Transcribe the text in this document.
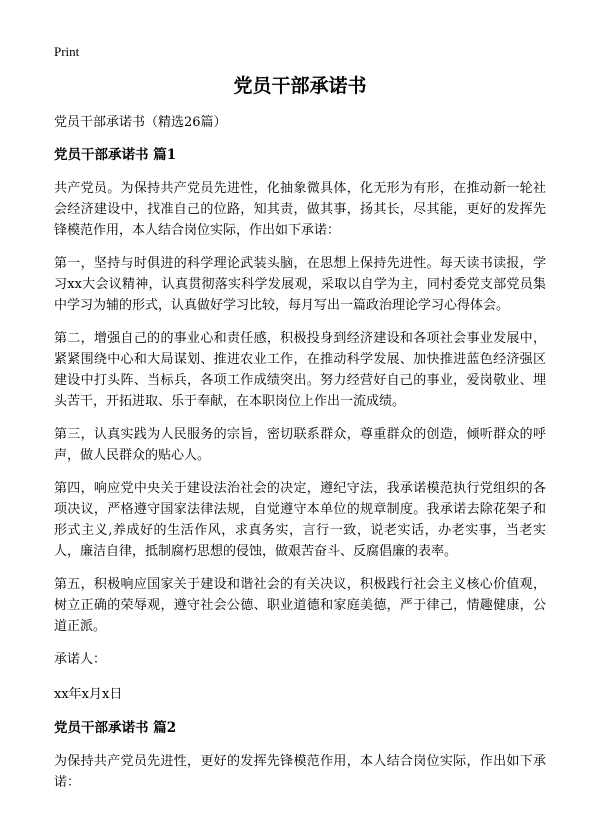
Print
党员干部承诺书
党员干部承诺书（精选26篇）
党员干部承诺书 篇1

共产党员。为保持共产党员先进性，化抽象微具体，化无形为有形，在推动新一轮社会经济建设中，找准自己的位路，知其责，做其事，扬其长，尽其能，更好的发挥先锋模范作用，本人结合岗位实际，作出如下承诺：

第一，坚持与时俱进的科学理论武装头脑，在思想上保持先进性。每天读书读报，学习xx大会议精神，认真贯彻落实科学发展观，采取以自学为主，同村委党支部党员集中学习为辅的形式，认真做好学习比较，每月写出一篇政治理论学习心得体会。

第二，增强自己的的事业心和责任感，积极投身到经济建设和各项社会事业发展中，紧紧围绕中心和大局谋划、推进农业工作，在推动科学发展、加快推进蓝色经济强区建设中打头阵、当标兵，各项工作成绩突出。努力经营好自己的事业，爱岗敬业、埋头苦干，开拓进取、乐于奉献，在本职岗位上作出一流成绩。

第三，认真实践为人民服务的宗旨，密切联系群众，尊重群众的创造，倾听群众的呼声，做人民群众的贴心人。

第四，响应党中央关于建设法治社会的决定，遵纪守法，我承诺模范执行党组织的各项决议，严格遵守国家法律法规，自觉遵守本单位的规章制度。我承诺去除花架子和形式主义,养成好的生活作风，求真务实，言行一致，说老实话，办老实事，当老实人，廉洁自律，抵制腐朽思想的侵蚀，做艰苦奋斗、反腐倡廉的表率。

第五，积极响应国家关于建设和谐社会的有关决议，积极践行社会主义核心价值观，树立正确的荣辱观，遵守社会公德、职业道德和家庭美德，严于律己，情趣健康，公道正派。

承诺人：

xx年x月x日

党员干部承诺书 篇2

为保持共产党员先进性，更好的发挥先锋模范作用，本人结合岗位实际，作出如下承诺：
